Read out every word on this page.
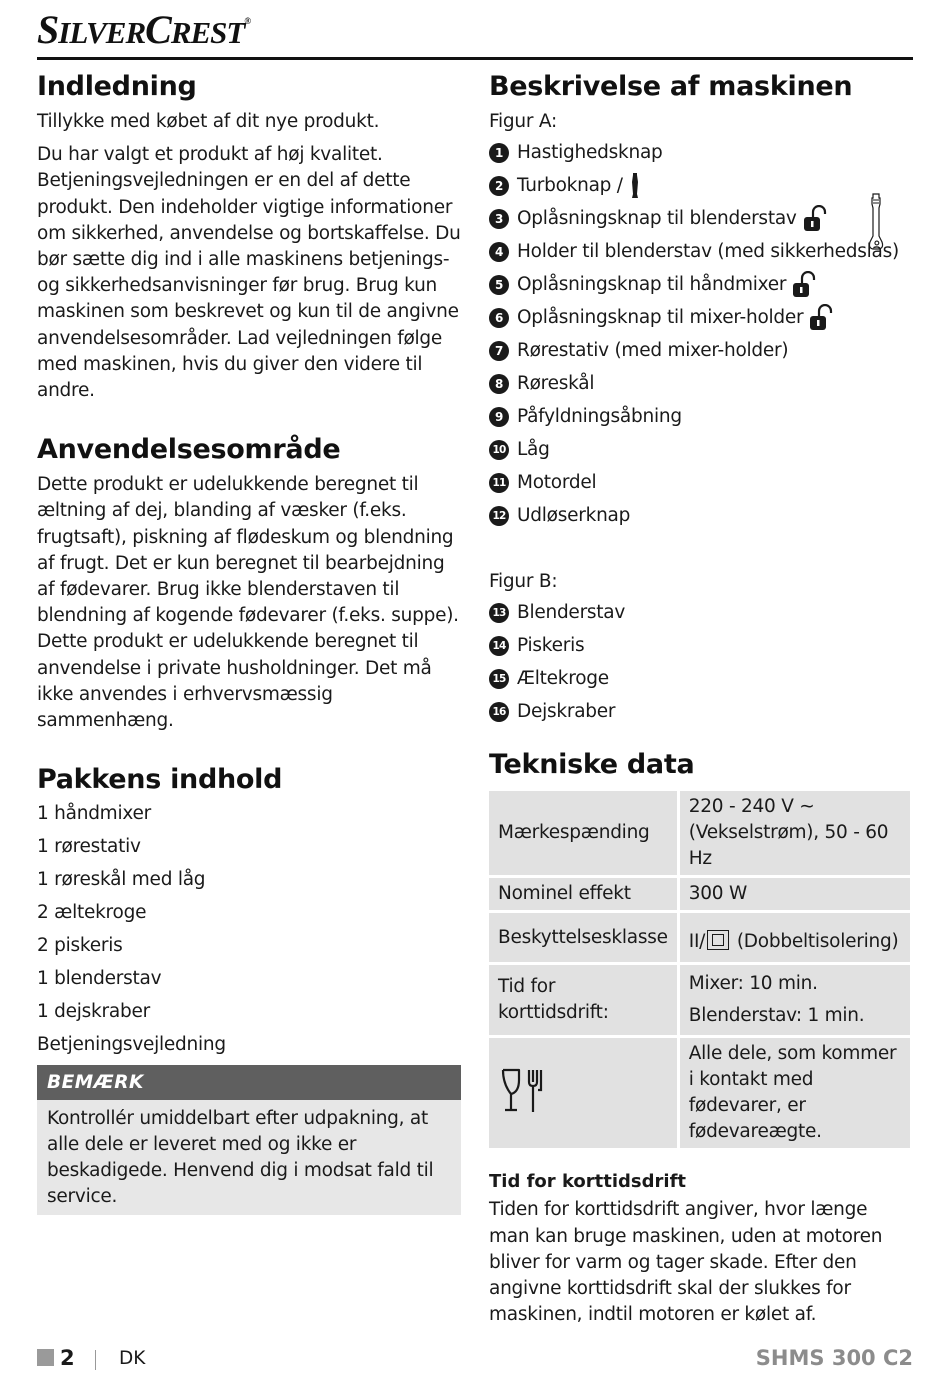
SILVERCREST®
Indledning

Tillykke med købet af dit nye produkt.

Du har valgt et produkt af høj kvalitet. Betjeningsvejledningen er en del af dette produkt. Den indeholder vigtige informationer om sikkerhed, anvendelse og bortskaffelse. Du bør sætte dig ind i alle maskinens betjenings- og sikkerhedsanvisninger før brug. Brug kun maskinen som beskrevet og kun til de angivne anvendelsesområder. Lad vejledningen følge med maskinen, hvis du giver den videre til andre.

Anvendelsesområde

Dette produkt er udelukkende beregnet til æltning af dej, blanding af væsker (f.eks. frugtsaft), piskning af flødeskum og blendning af frugt. Det er kun beregnet til bearbejdning af fødevarer. Brug ikke blenderstaven til blendning af kogende fødevarer (f.eks. suppe). Dette produkt er udelukkende beregnet til anvendelse i private husholdninger. Det må ikke anvendes i erhvervsmæssig sammenhæng.

Pakkens indhold
1 håndmixer
1 rørestativ
1 røreskål med låg
2 æltekroge
2 piskeris
1 blenderstav
1 dejskraber
Betjeningsvejledning
BEMÆRK
Kontrollér umiddelbart efter udpakning, at alle dele er leveret med og ikke er beskadigede. Henvend dig i modsat fald til service.
Beskrivelse af maskinen

Figur A:

1 Hastighedsknap
2 Turboknap /
3 Oplåsningsknap til blenderstav
4 Holder til blenderstav (med sikkerhedslås)
5 Oplåsningsknap til håndmixer
6 Oplåsningsknap til mixer-holder
7 Rørestativ (med mixer-holder)
8 Røreskål
9 Påfyldningsåbning
10 Låg
11 Motordel
12 Udløserknap

Figur B:

13 Blenderstav
14 Piskeris
15 Æltekroge
16 Dejskraber
Tekniske data
Mærkespænding	220 - 240 V ∼ (Vekselstrøm), 50 - 60 Hz
Nominel effekt	300 W
Beskyttelsesklasse	II/ (Dobbeltisolering)
Tid for korttidsdrift:	Mixer: 10 min.
Blenderstav: 1 min.

	Alle dele, som kommer i kontakt med fødevarer, er fødevareægte.
Tid for korttidsdrift

Tiden for korttidsdrift angiver, hvor længe man kan bruge maskinen, uden at motoren bliver for varm og tager skade. Efter den angivne korttidsdrift skal der slukkes for maskinen, indtil motoren er kølet af.

2 DK	SHMS 300 C2
